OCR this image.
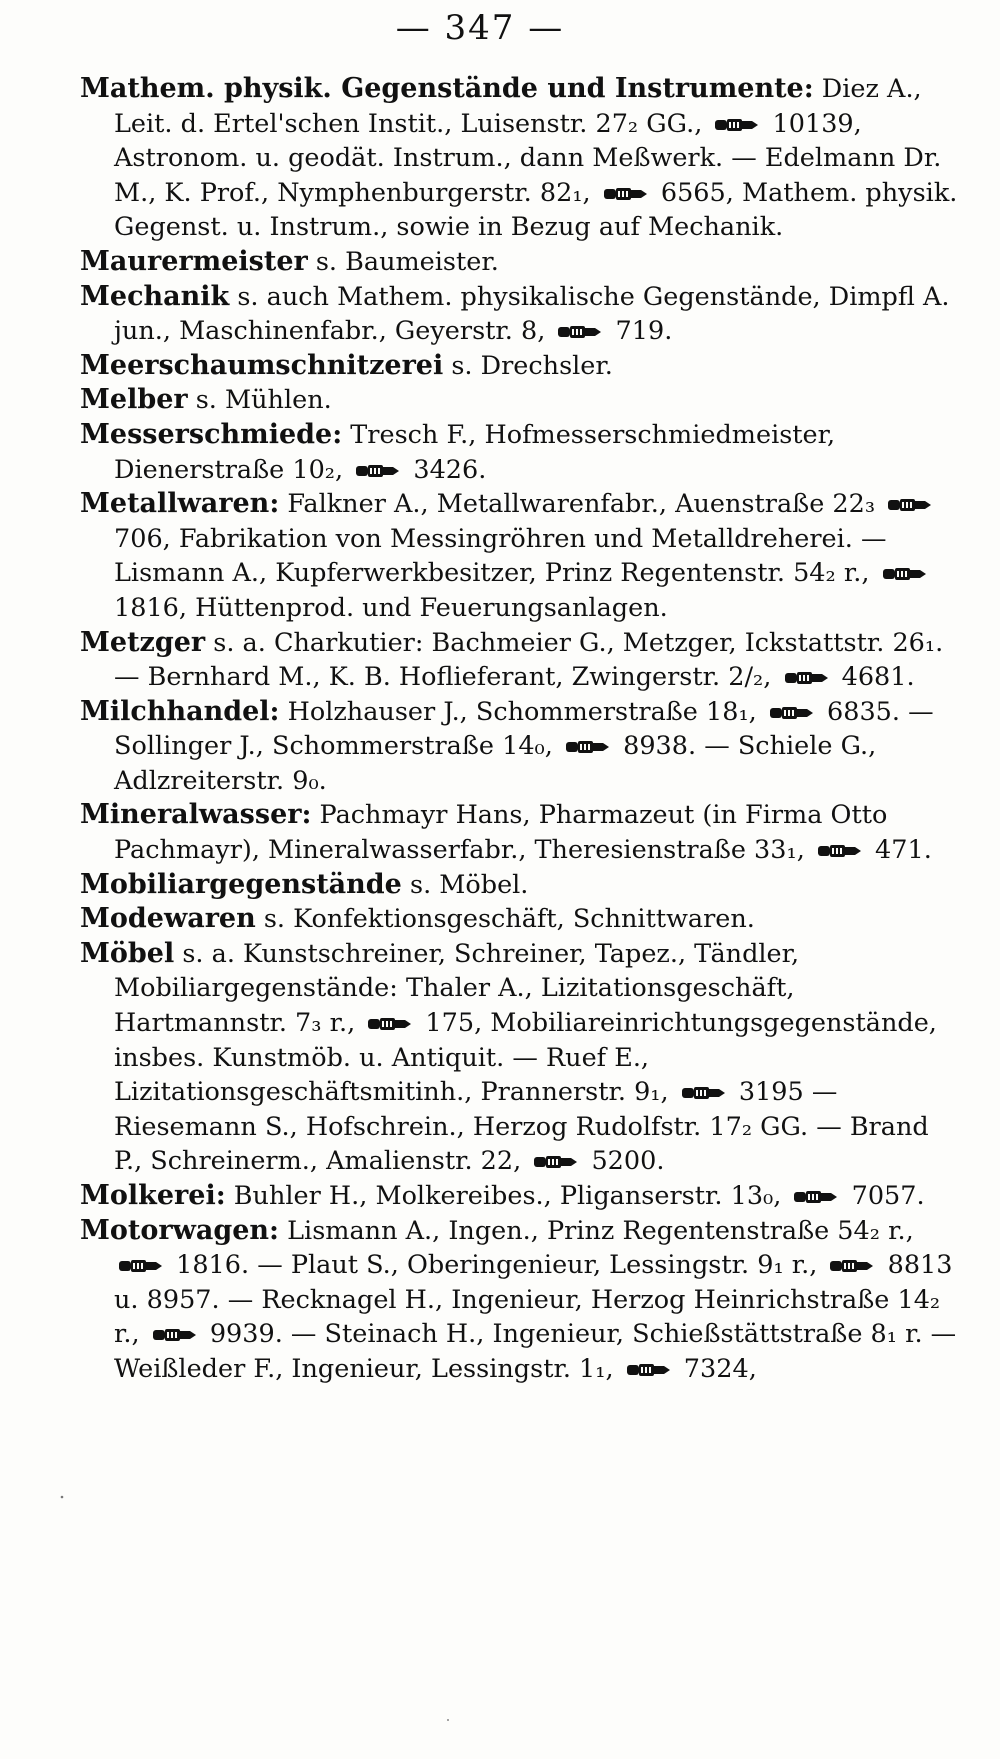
— 347 —

Mathem. physik. Gegenstände und Instrumente: Diez A., Leit. d. Ertel'schen Instit., Luisenstr. 27₂ GG.,
10139, Astronom. u. geodät. Instrum., dann Meßwerk. — Edelmann Dr. M., K. Prof., Nymphenburgerstr. 82₁,
6565, Mathem. physik. Gegenst. u. Instrum., sowie in Bezug auf Mechanik.

Maurermeister s. Baumeister.

Mechanik s. auch Mathem. physikalische Gegenstände, Dimpfl A. jun., Maschinenfabr., Geyerstr. 8,
719.

Meerschaumschnitzerei s. Drechsler.

Melber s. Mühlen.

Messerschmiede: Tresch F., Hofmesserschmiedmeister, Dienerstraße 10₂,
3426.

Metallwaren: Falkner A., Metallwarenfabr., Auenstraße 22₃
706, Fabrikation von Messingröhren und Metalldreherei. — Lismann A., Kupferwerkbesitzer, Prinz Regentenstr. 54₂ r.,
1816, Hüttenprod. und Feuerungsanlagen.

Metzger s. a. Charkutier: Bachmeier G., Metzger, Ickstattstr. 26₁. — Bernhard M., K. B. Hoflieferant, Zwingerstr. 2/₂,
4681.

Milchhandel: Holzhauser J., Schommerstraße 18₁,
6835. — Sollinger J., Schommerstraße 14₀,
8938. — Schiele G., Adlzreiterstr. 9₀.

Mineralwasser: Pachmayr Hans, Pharmazeut (in Firma Otto Pachmayr), Mineralwasserfabr., Theresienstraße 33₁,
471.

Mobiliargegenstände s. Möbel.

Modewaren s. Konfektionsgeschäft, Schnittwaren.

Möbel s. a. Kunstschreiner, Schreiner, Tapez., Tändler, Mobiliargegenstände: Thaler A., Lizitationsgeschäft, Hartmannstr. 7₃ r.,
175, Mobiliareinrichtungsgegenstände, insbes. Kunstmöb. u. Antiquit. — Ruef E., Lizitationsgeschäftsmitinh., Prannerstr. 9₁,
3195 — Riesemann S., Hofschrein., Herzog Rudolfstr. 17₂ GG. — Brand P., Schreinerm., Amalienstr. 22,
5200.

Molkerei: Buhler H., Molkereibes., Pliganserstr. 13₀,
7057.

Motorwagen: Lismann A., Ingen., Prinz Regentenstraße 54₂ r.,
1816. — Plaut S., Oberingenieur, Lessingstr. 9₁ r.,
8813 u. 8957. — Recknagel H., Ingenieur, Herzog Heinrichstraße 14₂ r.,
9939. — Steinach H., Ingenieur, Schießstättstraße 8₁ r. — Weißleder F., Ingenieur, Lessingstr. 1₁,
7324,
